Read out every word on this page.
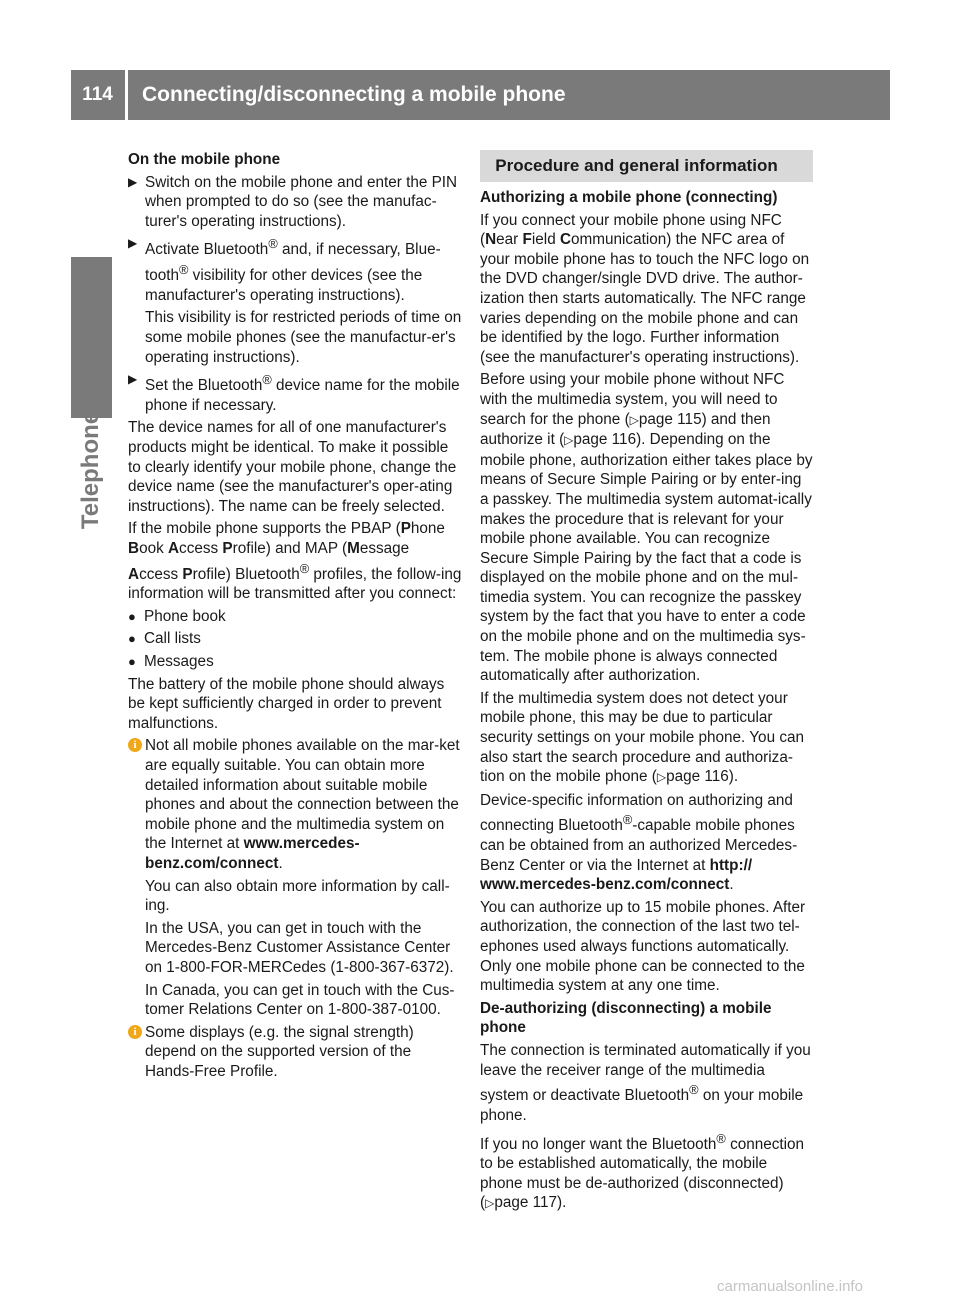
114	Connecting/disconnecting a mobile phone
Telephone

On the mobile phone

▶ Switch on the mobile phone and enter the PIN when prompted to do so (see the manufac-turer's operating instructions).

▶ Activate Bluetooth® and, if necessary, Blue-tooth® visibility for other devices (see the manufacturer's operating instructions).

This visibility is for restricted periods of time on some mobile phones (see the manufactur-er's operating instructions).

▶ Set the Bluetooth® device name for the mobile phone if necessary.

The device names for all of one manufacturer's products might be identical. To make it possible to clearly identify your mobile phone, change the device name (see the manufacturer's oper-ating instructions). The name can be freely selected.

If the mobile phone supports the PBAP (Phone Book Access Profile) and MAP (Message Access Profile) Bluetooth® profiles, the follow-ing information will be transmitted after you connect:

● Phone book

● Call lists

● Messages

The battery of the mobile phone should always be kept sufficiently charged in order to prevent malfunctions.

i Not all mobile phones available on the mar-ket are equally suitable. You can obtain more detailed information about suitable mobile phones and about the connection between the mobile phone and the multimedia system on the Internet at www.mercedes-benz.com/connect.

You can also obtain more information by call-ing.

In the USA, you can get in touch with the Mercedes-Benz Customer Assistance Center on 1-800-FOR-MERCedes (1-800-367-6372).

In Canada, you can get in touch with the Cus-tomer Relations Center on 1-800-387-0100.

i Some displays (e.g. the signal strength) depend on the supported version of the Hands-Free Profile.

Procedure and general information

Authorizing a mobile phone (connecting)

If you connect your mobile phone using NFC (Near Field Communication) the NFC area of your mobile phone has to touch the NFC logo on the DVD changer/single DVD drive. The author-ization then starts automatically. The NFC range varies depending on the mobile phone and can be identified by the logo. Further information (see the manufacturer's operating instructions).

Before using your mobile phone without NFC with the multimedia system, you will need to search for the phone (▷page 115) and then authorize it (▷page 116). Depending on the mobile phone, authorization either takes place by means of Secure Simple Pairing or by enter-ing a passkey. The multimedia system automat-ically makes the procedure that is relevant for your mobile phone available. You can recognize Secure Simple Pairing by the fact that a code is displayed on the mobile phone and on the mul-timedia system. You can recognize the passkey system by the fact that you have to enter a code on the mobile phone and on the multimedia sys-tem. The mobile phone is always connected automatically after authorization.

If the multimedia system does not detect your mobile phone, this may be due to particular security settings on your mobile phone. You can also start the search procedure and authoriza-tion on the mobile phone (▷page 116).

Device-specific information on authorizing and connecting Bluetooth®-capable mobile phones can be obtained from an authorized Mercedes-Benz Center or via the Internet at http:// www.mercedes-benz.com/connect.

You can authorize up to 15 mobile phones. After authorization, the connection of the last two tel-ephones used always functions automatically. Only one mobile phone can be connected to the multimedia system at any one time.

De-authorizing (disconnecting) a mobile phone

The connection is terminated automatically if you leave the receiver range of the multimedia system or deactivate Bluetooth® on your mobile phone.

If you no longer want the Bluetooth® connection to be established automatically, the mobile phone must be de-authorized (disconnected) (▷page 117).

carmanualsonline.info
